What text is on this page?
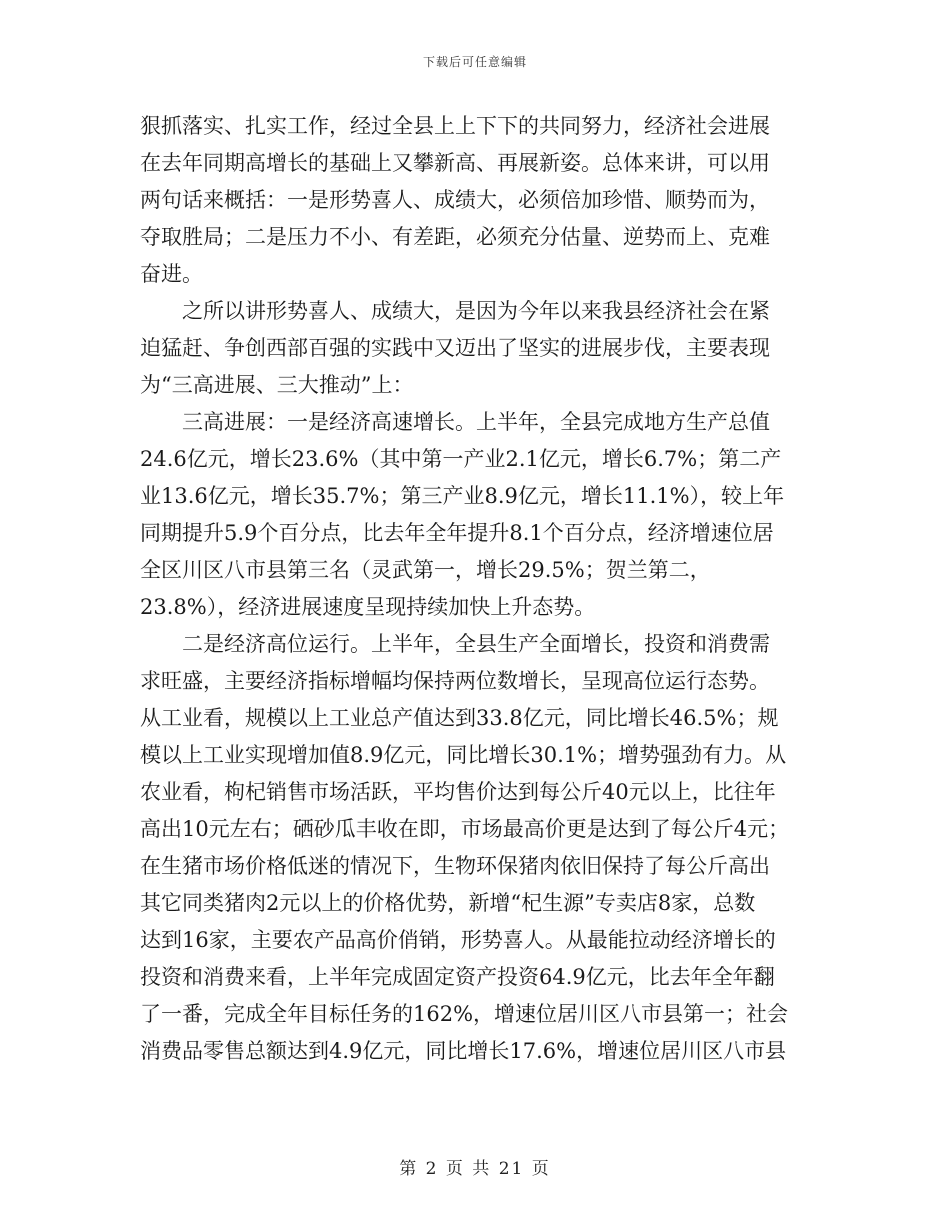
下载后可任意编辑
狠抓落实、扎实工作，经过全县上上下下的共同努力，经济社会进展
在去年同期高增长的基础上又攀新高、再展新姿。总体来讲，可以用
两句话来概括：一是形势喜人、成绩大，必须倍加珍惜、顺势而为，
夺取胜局；二是压力不小、有差距，必须充分估量、逆势而上、克难
奋进。
　　之所以讲形势喜人、成绩大，是因为今年以来我县经济社会在紧
迫猛赶、争创西部百强的实践中又迈出了坚实的进展步伐，主要表现
为“三高进展、三大推动”上：
　　三高进展：一是经济高速增长。上半年，全县完成地方生产总值
24.6亿元，增长23.6%（其中第一产业2.1亿元，增长6.7%；第二产
业13.6亿元，增长35.7%；第三产业8.9亿元，增长11.1%），较上年
同期提升5.9个百分点，比去年全年提升8.1个百分点，经济增速位居
全区川区八市县第三名（灵武第一，增长29.5%；贺兰第二，
23.8%），经济进展速度呈现持续加快上升态势。
　　二是经济高位运行。上半年，全县生产全面增长，投资和消费需
求旺盛，主要经济指标增幅均保持两位数增长，呈现高位运行态势。
从工业看，规模以上工业总产值达到33.8亿元，同比增长46.5%；规
模以上工业实现增加值8.9亿元，同比增长30.1%；增势强劲有力。从
农业看，枸杞销售市场活跃，平均售价达到每公斤40元以上，比往年
高出10元左右；硒砂瓜丰收在即，市场最高价更是达到了每公斤4元；
在生猪市场价格低迷的情况下，生物环保猪肉依旧保持了每公斤高出
其它同类猪肉2元以上的价格优势，新增“杞生源”专卖店8家，总数
达到16家，主要农产品高价俏销，形势喜人。从最能拉动经济增长的
投资和消费来看，上半年完成固定资产投资64.9亿元，比去年全年翻
了一番，完成全年目标任务的162%，增速位居川区八市县第一；社会
消费品零售总额达到4.9亿元，同比增长17.6%，增速位居川区八市县
第 2 页 共 21 页
